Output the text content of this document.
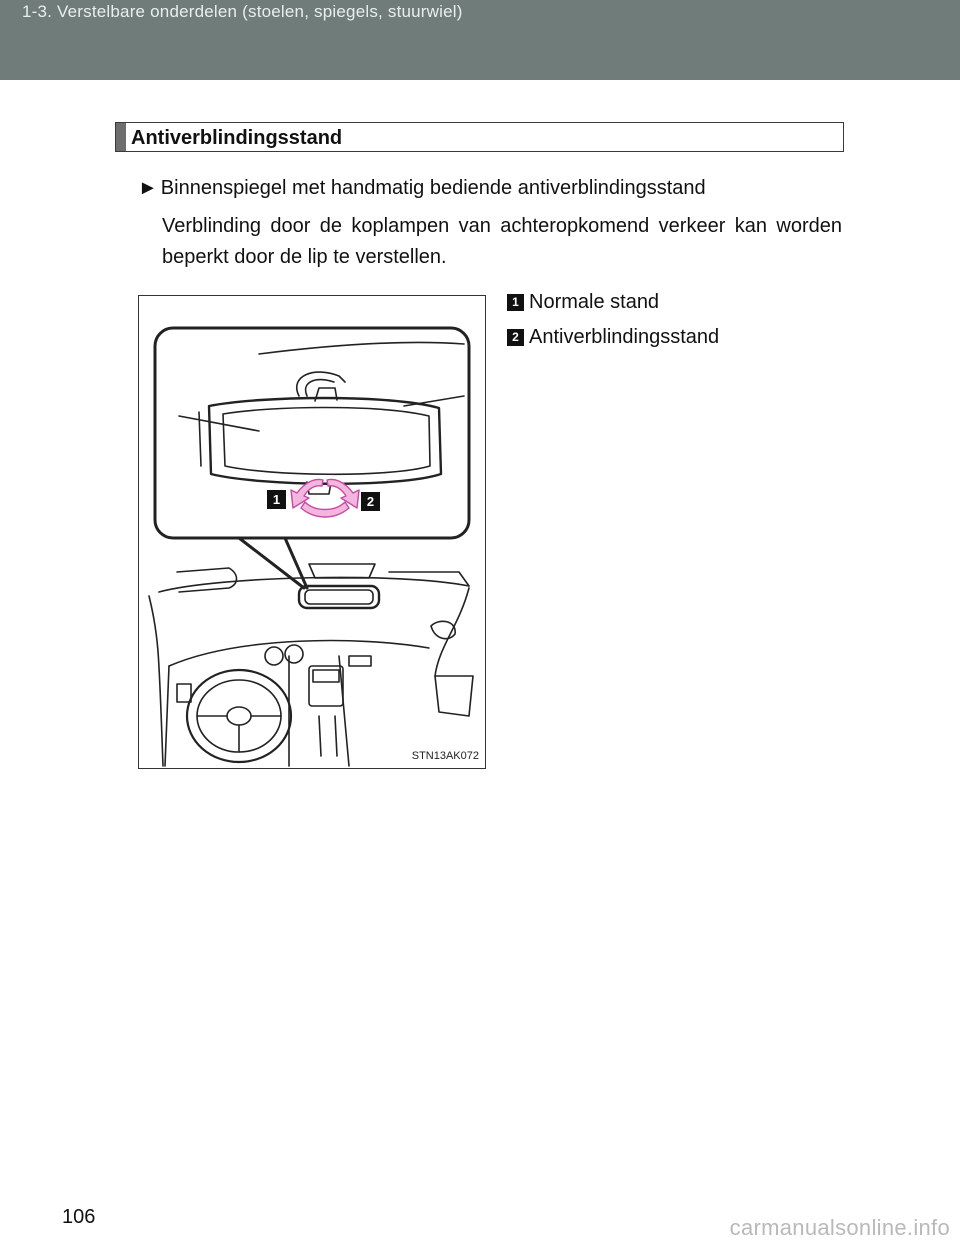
1-3. Verstelbare onderdelen (stoelen, spiegels, stuurwiel)
Antiverblindingsstand
► Binnenspiegel met handmatig bediende antiverblindingsstand
Verblinding door de koplampen van achteropkomend verkeer kan worden beperkt door de lip te verstellen.
1	2
STN13AK072
1 Normale stand
2 Antiverblindingsstand
106	carmanualsonline.info
